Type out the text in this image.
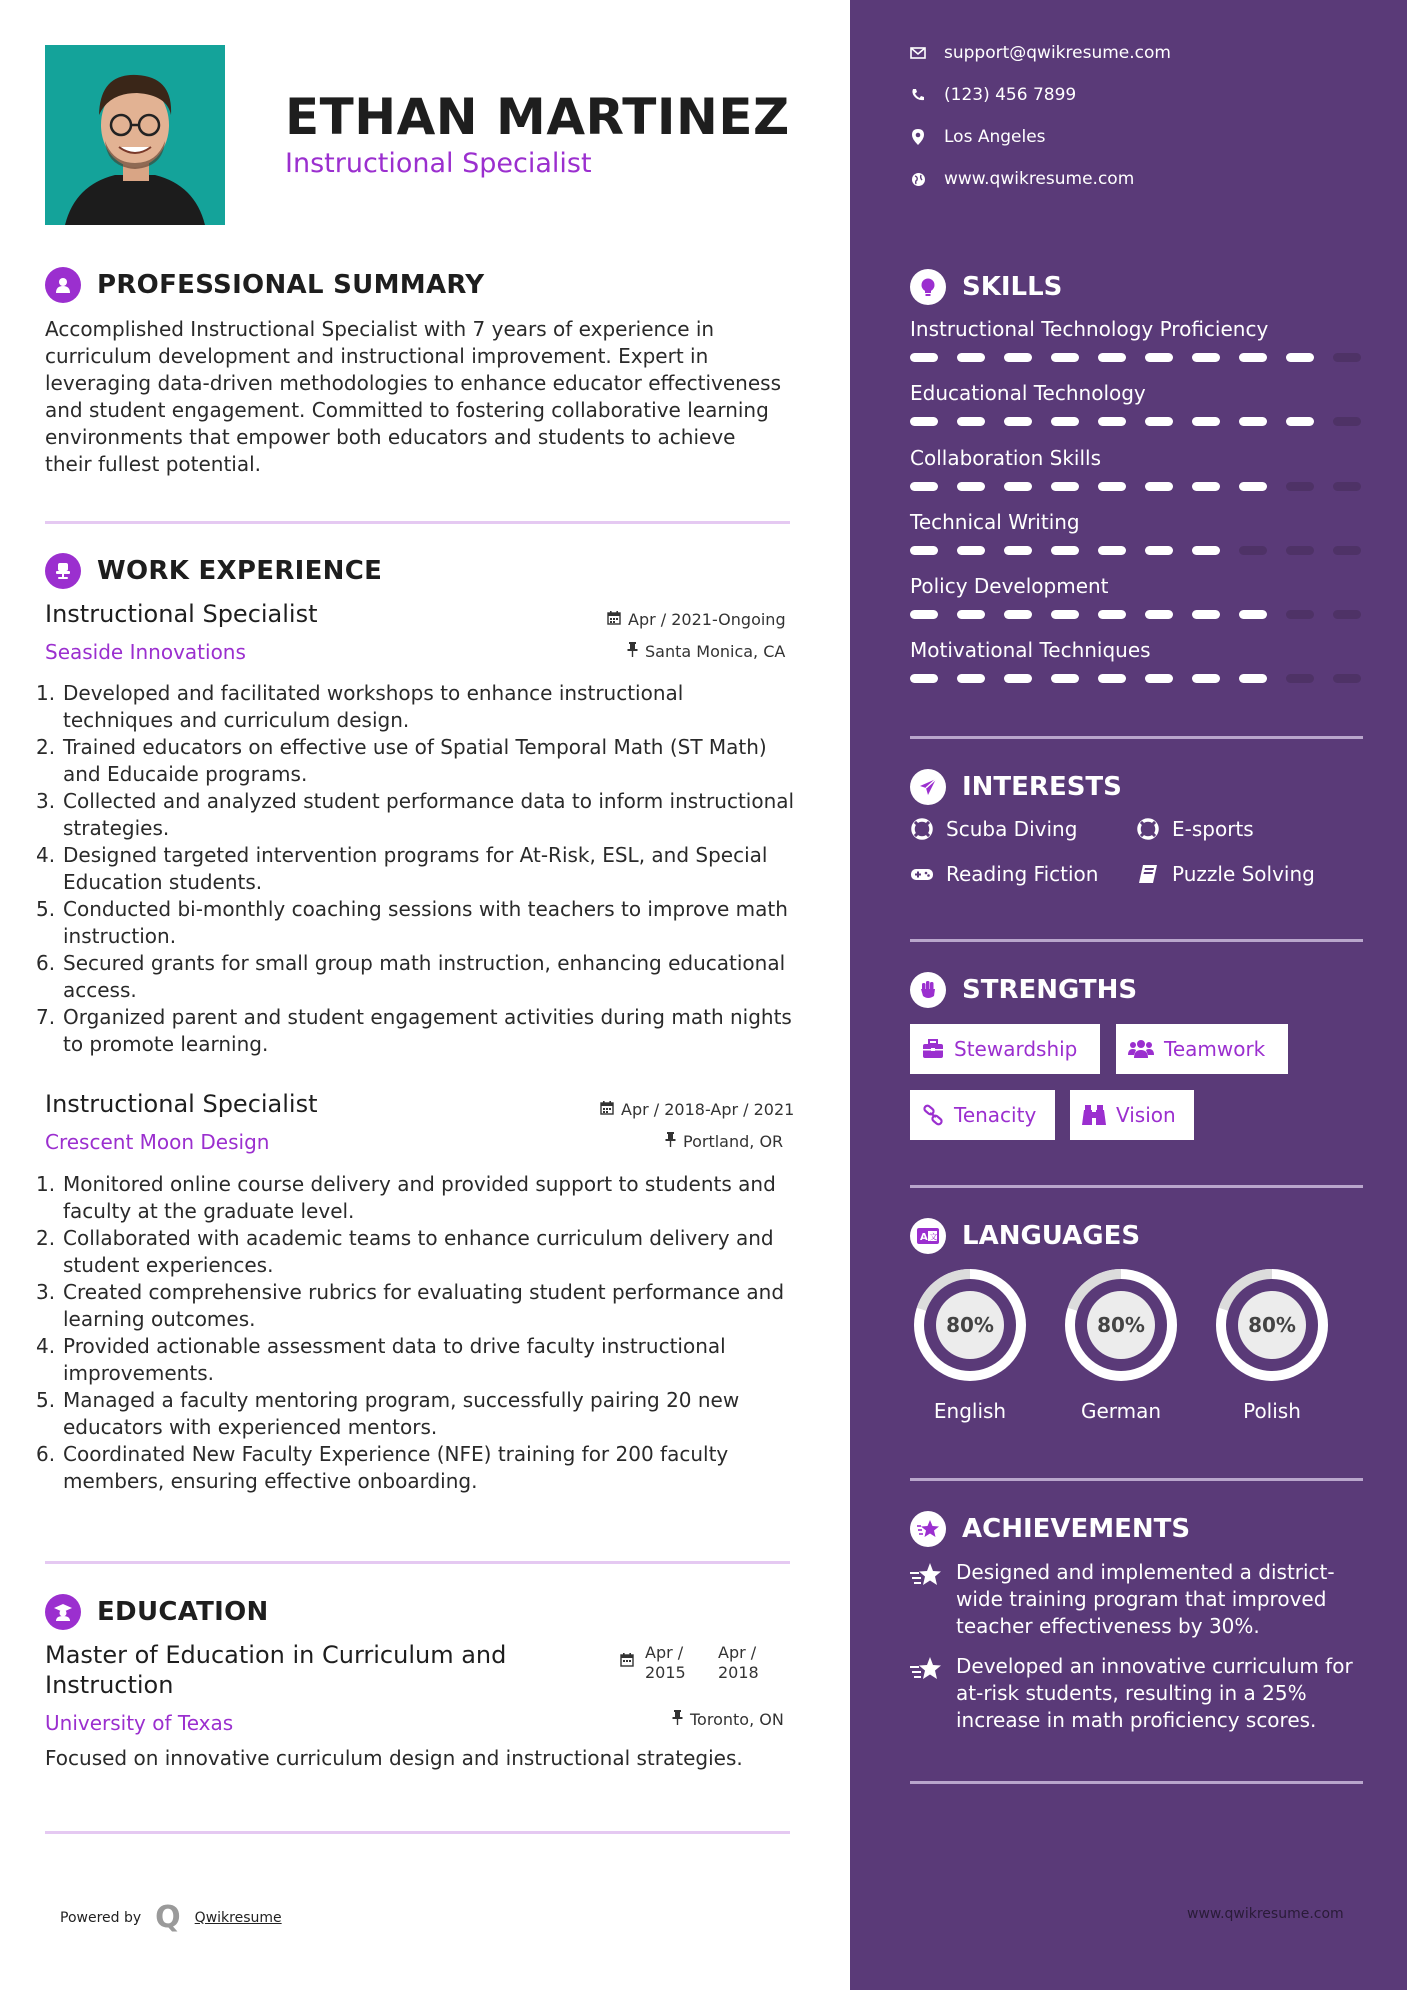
ETHAN MARTINEZ
Instructional Specialist
PROFESSIONAL SUMMARY
Accomplished Instructional Specialist with 7 years of experience in curriculum development and instructional improvement. Expert in leveraging data-driven methodologies to enhance educator effectiveness and student engagement. Committed to fostering collaborative learning environments that empower both educators and students to achieve their fullest potential.
WORK EXPERIENCE
Instructional Specialist	Apr / 2021-Ongoing
Seaside Innovations	Santa Monica, CA
Developed and facilitated workshops to enhance instructional techniques and curriculum design.
Trained educators on effective use of Spatial Temporal Math (ST Math) and Educaide programs.
Collected and analyzed student performance data to inform instructional strategies.
Designed targeted intervention programs for At-Risk, ESL, and Special Education students.
Conducted bi-monthly coaching sessions with teachers to improve math instruction.
Secured grants for small group math instruction, enhancing educational access.
Organized parent and student engagement activities during math nights to promote learning.
Instructional Specialist	Apr / 2018-Apr / 2021
Crescent Moon Design	Portland, OR
Monitored online course delivery and provided support to students and faculty at the graduate level.
Collaborated with academic teams to enhance curriculum delivery and student experiences.
Created comprehensive rubrics for evaluating student performance and learning outcomes.
Provided actionable assessment data to drive faculty instructional improvements.
Managed a faculty mentoring program, successfully pairing 20 new educators with experienced mentors.
Coordinated New Faculty Experience (NFE) training for 200 faculty members, ensuring effective onboarding.
EDUCATION
Master of Education in Curriculum and
Instruction
Apr /
2015
Apr /
2018
University of Texas	Toronto, ON
Focused on innovative curriculum design and instructional strategies.
Powered by Q Qwikresume	www.qwikresume.com
support@qwikresume.com
(123) 456 7899
Los Angeles
www.qwikresume.com
SKILLS
Instructional Technology Proficiency
Educational Technology
Collaboration Skills
Technical Writing
Policy Development
Motivational Techniques
INTERESTS
Scuba Diving	E-sports
Reading Fiction	Puzzle Solving
STRENGTHS
Stewardship	Teamwork
Tenacity	Vision
A 文 LANGUAGES
80%
English
80%
German
80%
Polish
ACHIEVEMENTS
Designed and implemented a district-wide training program that improved teacher effectiveness by 30%.
Developed an innovative curriculum for at-risk students, resulting in a 25% increase in math proficiency scores.
